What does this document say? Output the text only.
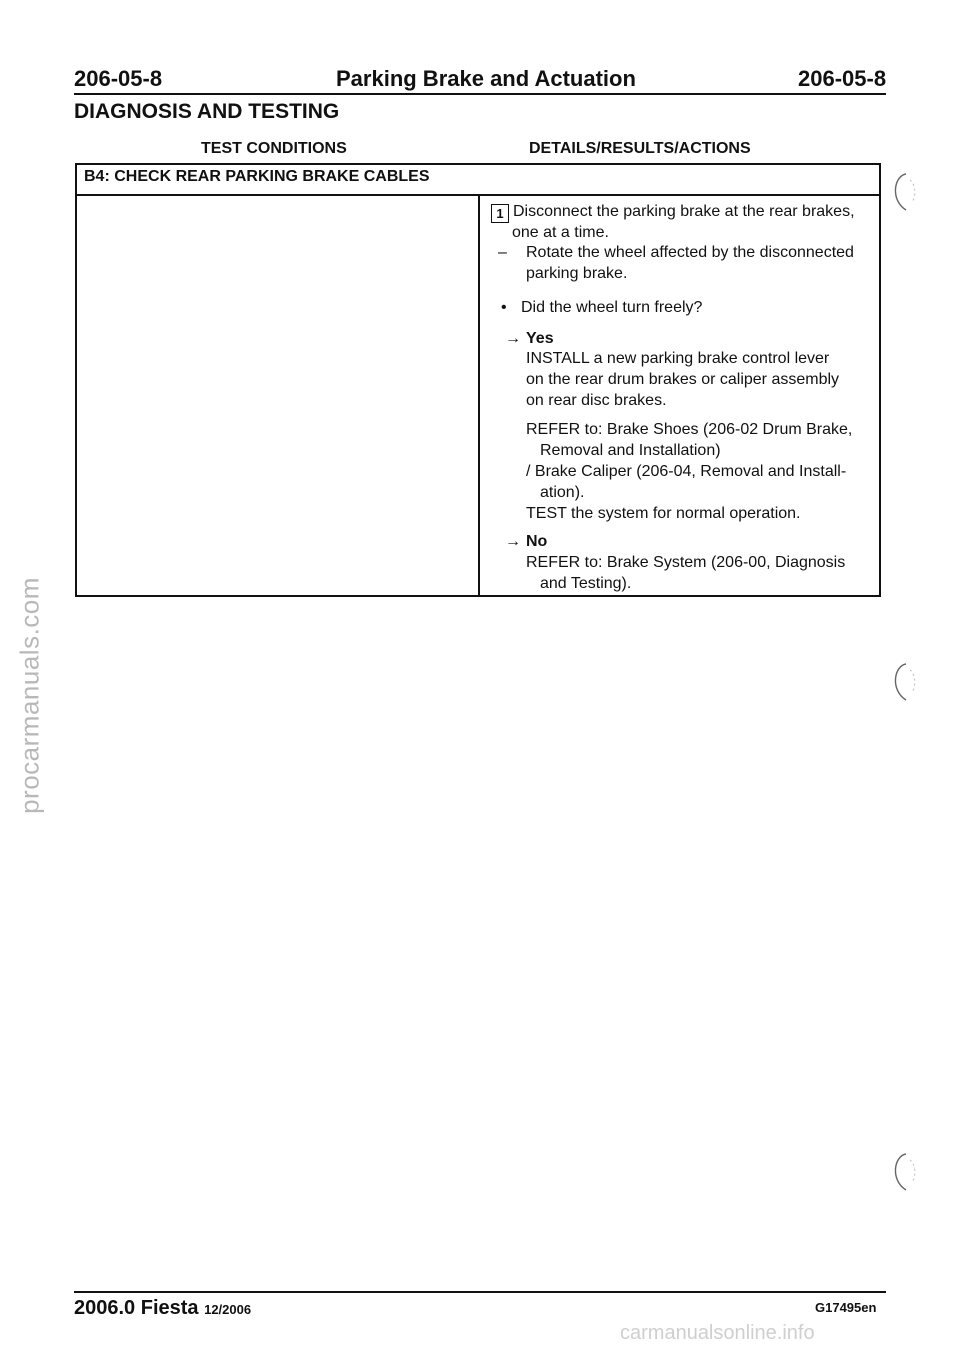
206-05-8	Parking Brake and Actuation	206-05-8
DIAGNOSIS AND TESTING
TEST CONDITIONS	DETAILS/RESULTS/ACTIONS
B4: CHECK REAR PARKING BRAKE CABLES
1 Disconnect the parking brake at the rear brakes,
one at a time.
– Rotate the wheel affected by the disconnected
parking brake.
• Did the wheel turn freely?
→ Yes
INSTALL a new parking brake control lever
on the rear drum brakes or caliper assembly
on rear disc brakes.
REFER to: Brake Shoes (206-02 Drum Brake,
Removal and Installation)
/ Brake Caliper (206-04, Removal and Install-
ation).
TEST the system for normal operation.
→ No
REFER to: Brake System (206-00, Diagnosis
and Testing).
2006.0 Fiesta 12/2006	G17495en
procarmanuals.com
carmanualsonline.info
